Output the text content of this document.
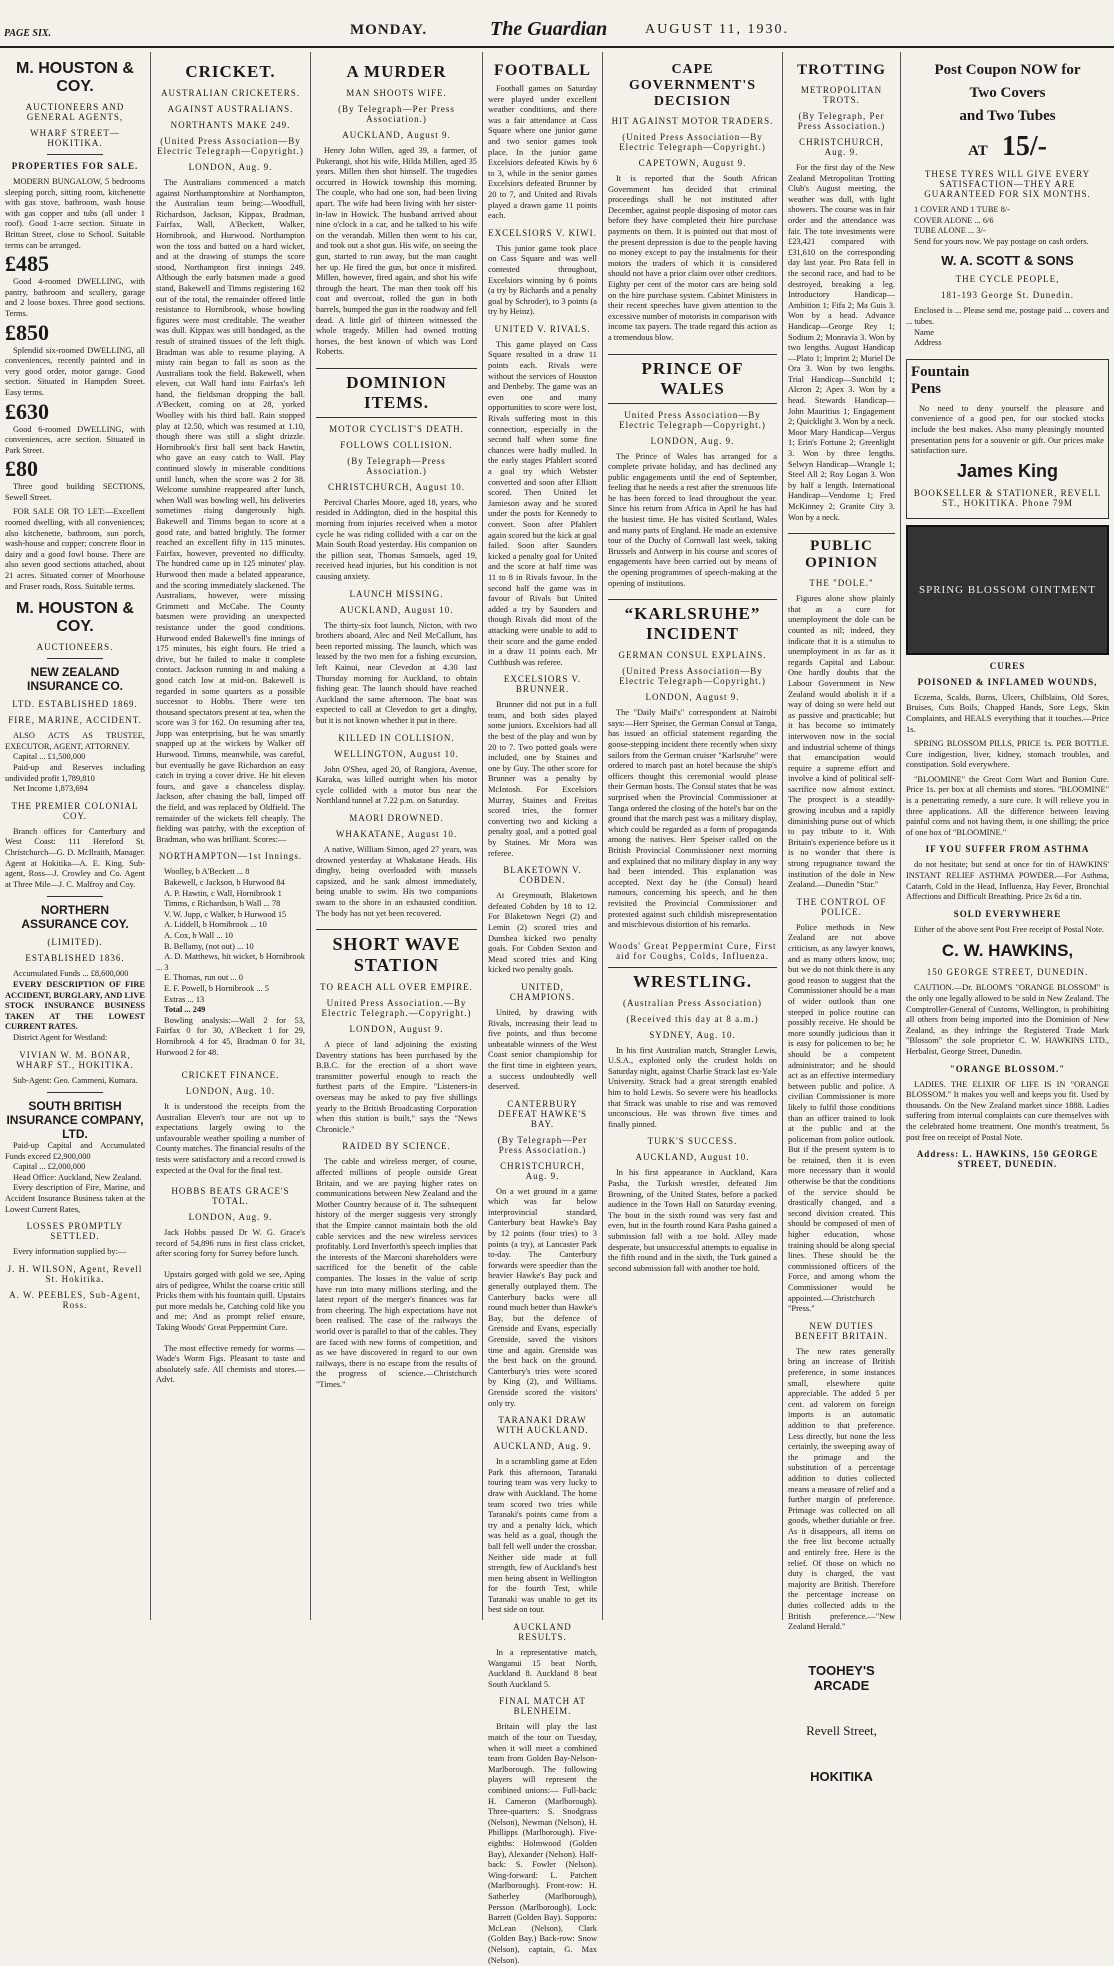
PAGE SIX.	MONDAY.	The Guardian	AUGUST 11, 1930.
M. HOUSTON & COY.
AUCTIONEERS AND GENERAL AGENTS,
WHARF STREET—HOKITIKA.
PROPERTIES FOR SALE.
MODERN BUNGALOW, 5 bedrooms sleeping porch, sitting room, kitchenette with gas stove, bathroom, wash house with gas copper and tubs (all under 1 roof). Good 1-acre section. Situate in Brittan Street, close to School. Suitable terms can be arranged.
£485
Good 4-roomed DWELLING, with pantry, bathroom and scullery, garage and 2 loose boxes. Three good sections. Terms.
£850
Splendid six-roomed DWELLING, all conveniences, recently painted and in very good order, motor garage. Good section. Situated in Hampden Street. Easy terms.
£630
Good 6-roomed DWELLING, with conveniences, acre section. Situated in Park Street.
£80
Three good building SECTIONS, Sewell Street.
FOR SALE OR TO LET:—Excellent roomed dwelling, with all conveniences; also kitchenette, bathroom, sun porch, wash-house and copper; concrete floor in dairy and a good fowl house. There are also seven good sections attached, about 21 acres. Situated corner of Moorhouse and Fraser roads, Ross. Suitable terms.
M. HOUSTON & COY.
AUCTIONEERS.
NEW ZEALAND INSURANCE CO.
LTD. ESTABLISHED 1869.
FIRE, MARINE, ACCIDENT.
ALSO ACTS AS TRUSTEE, EXECUTOR, AGENT, ATTORNEY.
Capital ... £1,500,000
Paid-up and Reserves including undivided profit 1,789,810
Net Income 1,873,694
THE PREMIER COLONIAL COY.
Branch offices for Canterbury and West Coast: 111 Hereford St. Christchurch—G. D. McIlraith, Manager. Agent at Hokitika—A. E. King. Sub-agent, Ross—J. Crowley and Co. Agent at Three Mile—J. C. Malfroy and Coy.
NORTHERN ASSURANCE COY.
(LIMITED).
ESTABLISHED 1836.
Accumulated Funds ... £8,600,000
EVERY DESCRIPTION OF FIRE ACCIDENT, BURGLARY, AND LIVE STOCK INSURANCE BUSINESS TAKEN AT THE LOWEST CURRENT RATES.
District Agent for Westland:
VIVIAN W. M. BONAR, WHARF ST., HOKITIKA.
Sub-Agent: Geo. Cammeni, Kumara.
SOUTH BRITISH INSURANCE COMPANY, LTD.
Paid-up Capital and Accumulated Funds exceed £2,900,000
Capital ... £2,000,000
Head Office: Auckland, New Zealand.
Every description of Fire, Marine, and Accident Insurance Business taken at the Lowest Current Rates,
LOSSES PROMPTLY SETTLED.
Every information supplied by:—
J. H. WILSON, Agent, Revell St. Hokitika.
A. W. PEEBLES, Sub-Agent, Ross.
CRICKET.
AUSTRALIAN CRICKETERS.
AGAINST AUSTRALIANS.
NORTHANTS MAKE 249.
(United Press Association—By Electric Telegraph—Copyright.)
LONDON, Aug. 9.
The Australians commenced a match against Northamptonshire at Northampton, the Australian team being:—Woodfull, Richardson, Jackson, Kippax, Bradman, Fairfax, Wall, A'Beckett, Walker, Hornibrook, and Hurwood. Northampton won the toss and batted on a hard wicket, and at the drawing of stumps the score stood, Northampton first innings 249. Although the early batsmen made a good stand, Bakewell and Timms registering 162 out of the total, the remainder offered little resistance to Hornibrook, whose bowling figures were most creditable. The weather was dull. Kippax was still bandaged, as the result of strained tissues of the left thigh. Bradman was able to resume playing. A misty rain began to fall as soon as the Australians took the field. Bakewell, when eleven, cut Wall hard into Fairfax's left hand, the fieldsman dropping the ball. A'Beckett, coming on at 28, yorked Woolley with his third ball. Rain stopped play at 12.50, which was resumed at 1.10, though there was still a slight drizzle. Hornibrook's first ball sent back Hawtin, who gave an easy catch to Wall. Play continued slowly in miserable conditions until lunch, when the score was 2 for 38. Welcome sunshine reappeared after lunch, when Wall was bowling well, his deliveries sometimes rising dangerously high. Bakewell and Timms began to score at a good rate, and batted brightly. The former reached an excellent fifty in 115 minutes. Fairfax, however, prevented no difficulty. The hundred came up in 125 minutes' play. Hurwood then made a belated appearance, and the scoring immediately slackened. The Australians, however, were missing Grimmett and McCabe. The County batsmen were providing an unexpected resistance under the good conditions. Hurwood ended Bakewell's fine innings of 175 minutes, his eight fours. He tried a drive, but he failed to make it complete contact. Jackson running in and making a good catch low at mid-on. Bakewell is regarded in some quarters as a possible successor to Hobbs. There were ten thousand spectators present at tea, when the score was 3 for 162. On resuming after tea, Jupp was enterprising, but he was smartly snapped up at the wickets by Walker off Hurwood. Timms, meanwhile, was careful, but eventually he gave Richardson an easy catch in trying a cover drive. He hit eleven fours, and gave a chanceless display. Jackson, after chasing the ball, limped off the field, and was replaced by Oldfield. The remainder of the wickets fell cheaply. The fielding was patchy, with the exception of Bradman, who was brilliant. Scores:—
NORTHAMPTON—1st Innings.
Woolley, b A'Beckett ... 8
Bakewell, c Jackson, b Hurwood 84
A. P. Hawtin, c Wall, Hornibrook 1
Timms, c Richardson, b Wall ... 78
V. W. Jupp, c Walker, b Hurwood 15
A. Liddell, b Hornibrook ... 10
A. Cox, b Wall ... 10
B. Bellamy, (not out) ... 10
A. D. Matthews, hit wicket, b Hornibrook ... 3
E. Thomas, run out ... 0
E. F. Powell, b Hornibrook ... 5
Extras ... 13
Total ... 249
Bowling analysis:—Wall 2 for 53, Fairfax 0 for 30, A'Beckett 1 for 29, Hornibrook 4 for 45, Bradman 0 for 31, Hurwood 2 for 48.
CRICKET FINANCE.
LONDON, Aug. 10.
It is understood the receipts from the Australian Eleven's tour are not up to expectations largely owing to the unfavourable weather spoiling a number of County matches. The financial results of the tests were satisfactory and a record crowd is expected at the Oval for the final test.
HOBBS BEATS GRACE'S TOTAL.
LONDON, Aug. 9.
Jack Hobbs passed Dr W. G. Grace's record of 54,896 runs in first class cricket, after scoring forty for Surrey before lunch.
Upstairs gorged with gold we see, Aping airs of pedigree, Whilst the coarse critic still Pricks them with his fountain quill. Upstairs put more medals be, Catching cold like you and me; And as prompt relief ensure, Taking Woods' Great Peppermint Cure.
The most effective remedy for worms —Wade's Worm Figs. Pleasant to taste and absolutely safe. All chemists and stores.—Advt.
A MURDER
MAN SHOOTS WIFE.
(By Telegraph—Per Press Association.)
AUCKLAND, August 9.
Henry John Willen, aged 39, a farmer, of Pukerangi, shot his wife, Hilda Millen, aged 35 years. Millen then shot himself. The tragedies occurred in Howick township this morning. The couple, who had one son, had been living apart. The wife had been living with her sister-in-law in Howick. The husband arrived about nine o'clock in a car, and he talked to his wife on the verandah. Millen then went to his car, and took out a shot gun. His wife, on seeing the gun, started to run away, but the man caught her up. He fired the gun, but once it misfired. Millen, however, fired again, and shot his wife through the heart. The man then took off his coat and overcoat, rolled the gun in both barrels, bumped the gun in the roadway and fell dead. A little girl of thirteen witnessed the whole tragedy. Millen had owned trotting horses, the best known of which was Lord Roberts.
DOMINION ITEMS.
MOTOR CYCLIST'S DEATH.
FOLLOWS COLLISION.
(By Telegraph—Press Association.)
CHRISTCHURCH, August 10.
Percival Charles Moore, aged 18, years, who resided in Addington, died in the hospital this morning from injuries received when a motor cycle he was riding collided with a car on the Main South Road yesterday. His companion on the pillion seat, Thomas Samuels, aged 19, received head injuries, but his condition is not causing anxiety.
LAUNCH MISSING.
AUCKLAND, August 10.
The thirty-six foot launch, Nicton, with two brothers aboard, Alec and Neil McCallum, has been reported missing. The launch, which was leased by the two men for a fishing excursion, left Kainui, near Clevedon at 4.30 last Thursday morning for Auckland, to obtain fishing gear. The launch should have reached Auckland the same afternoon. The boat was expected to call at Clevedon to get a dinghy, but it is not known whether it put in there.
KILLED IN COLLISION.
WELLINGTON, August 10.
John O'Shea, aged 20, of Rangiora, Avenue, Karaka, was killed outright when his motor cycle collided with a motor bus near the Northland tunnel at 7.22 p.m. on Saturday.
MAORI DROWNED.
WHAKATANE, August 10.
A native, William Simon, aged 27 years, was drowned yesterday at Whakatane Heads. His dinghy, being overloaded with mussels capsized, and he sank almost immediately, being unable to swim. His two companions swam to the shore in an exhausted condition. The body has not yet been recovered.
SHORT WAVE STATION
TO REACH ALL OVER EMPIRE.
United Press Association.—By Electric Telegraph.—Copyright.)
LONDON, August 9.
A piece of land adjoining the existing Daventry stations has been purchased by the B.B.C. for the erection of a short wave transmitter powerful enough to reach the furthest parts of the Empire. "Listeners-in overseas may be asked to pay five shillings yearly to the British Broadcasting Corporation when this station is built," says the "News Chronicle."
RAIDED BY SCIENCE.
The cable and wireless merger, of course, affected millions of people outside Great Britain, and we are paying higher rates on communications between New Zealand and the Mother Country because of it. The subsequent history of the merger suggests very strongly that the Empire cannot maintain both the old cable services and the new wireless services profitably. Lord Inverforth's speech implies that the interests of the Marconi shareholders were sacrificed for the benefit of the cable companies. The losses in the value of scrip have run into many millions sterling, and the latest report of the merger's finances was far from cheering. The high expectations have not been realised. The case of the railways the world over is parallel to that of the cables. They are faced with new forms of competition, and as we have discovered in regard to our own railways, there is no escape from the results of the progress of science.—Christchurch "Times."
FOOTBALL
Football games on Saturday were played under excellent weather conditions, and there was a fair attendance at Cass Square where one junior game and two senior games took place. In the junior game Excelsiors defeated Kiwis by 6 to 3, while in the senior games Excelsiors defeated Brunner by 20 to 7, and United and Rivals played a drawn game 11 points each.
EXCELSIORS V. KIWI.
This junior game took place on Cass Square and was well contested throughout, Excelsiors winning by 6 points (a try by Richards and a penalty goal by Schroder), to 3 points (a try by Heinz).
UNITED V. RIVALS.
This game played on Cass Square resulted in a draw 11 points each. Rivals were without the services of Houston and Denbeby. The game was an even one and many opportunities to score were lost, Rivals suffering most in this connection, especially in the second half when some fine chances were badly mulled. In the early stages Pfahlert scored a goal try which Webster converted and soon after Elliott scored. Then United let Jamieson away and he scored under the posts for Kennedy to convert. Soon after Pfahlert again scored but the kick at goal failed. Soon after Saunders kicked a penalty goal for United and the score at half time was 11 to 8 in Rivals favour. In the second half the game was in favour of Rivals but United added a try by Saunders and though Rivals did most of the attacking were unable to add to their score and the game ended in a draw 11 points each. Mr Cuthbush was referee.
EXCELSIORS V. BRUNNER.
Brunner did not put in a full team, and both sides played some juniors. Excelsiors had all the best of the play and won by 20 to 7. Two potted goals were included, one by Staines and one by Guy. The other score for Brunner was a penalty by McIntosh. For Excelsiors Murray, Staines and Freitas scored tries, the former converting two and kicking a penalty goal, and a potted goal by Staines. Mr Mora was referee.
BLAKETOWN V. COBDEN.
At Greymouth, Blaketown defeated Cobden by 18 to 12. For Blaketown Negri (2) and Lemin (2) scored tries and Dunshea kicked two penalty goals. For Cobden Sexton and Mead scored tries and King kicked two penalty goals.
UNITED, CHAMPIONS.
United, by drawing with Rivals, increasing their lead to five points, and thus become unbeatable winners of the West Coast senior championship for the first time in eighteen years, a success undoubtedly well deserved.
CANTERBURY DEFEAT HAWKE'S BAY.
(By Telegraph—Per Press Association.)
CHRISTCHURCH, Aug. 9.
On a wet ground in a game which was far below interprovincial standard, Canterbury beat Hawke's Bay by 12 points (four tries) to 3 points (a try), at Lancaster Park to-day. The Canterbury forwards were speedier than the heavier Hawke's Bay pack and generally outplayed them. The Canterbury backs were all round much better than Hawke's Bay, but the defence of Grenside and Evans, especially Grenside, saved the visitors time and again. Grenside was the best back on the ground. Canterbury's tries were scored by King (2), and Williams. Grenside scored the visitors' only try.
TARANAKI DRAW WITH AUCKLAND.
AUCKLAND, Aug. 9.
In a scrambling game at Eden Park this afternoon, Taranaki touring team was very lucky to draw with Auckland. The home team scored two tries while Taranaki's points came from a try and a penalty kick, which was held as a goal, though the ball fell well under the crossbar. Neither side made at full strength, few of Auckland's best men being absent in Wellington for the fourth Test, while Taranaki was unable to get its best side on tour.
AUCKLAND RESULTS.
In a representative match, Wanganui 15 beat North, Auckland 8. Auckland 8 beat South Auckland 5.
FINAL MATCH AT BLENHEIM.
Britain will play the last match of the tour on Tuesday, when it will meet a combined team from Golden Bay-Nelson-Marlborough. The following players will represent the combined unions:— Full-back: H. Cameron (Marlborough). Three-quarters: S. Snodgrass (Nelson), Newman (Nelson), H. Phillipps (Marlborough). Five-eighths: Holmwood (Golden Bay), Alexander (Nelson). Half-back: S. Fowler (Nelson). Wing-forward: L. Patchett (Marlborough). Front-row: H. Satherley (Marlborough), Persson (Marlborough). Lock: Barrett (Golden Bay). Supports: McLean (Nelson), Clark (Golden Bay.) Back-row: Snow (Nelson), captain, G. Max (Nelson).
CAPE GOVERNMENT'S DECISION
HIT AGAINST MOTOR TRADERS.
(United Press Association—By Electric Telegraph—Copyright.)
CAPETOWN, August 9.
It is reported that the South African Government has decided that criminal proceedings shall be not instituted after December, against people disposing of motor cars before they have completed their hire purchase payments on them. It is pointed out that most of the present depression is due to the people having no money except to pay the instalments for their motors the traders of which it is considered should not have a prior claim over other creditors. Eighty per cent of the motor cars are being sold on the hire purchase system. Cabinet Ministers in their recent speeches have given attention to the excessive number of motorists in comparison with income tax payers. The trade regard this action as a tremendous blow.
PRINCE OF WALES
United Press Association—By Electric Telegraph—Copyright.)
LONDON, Aug. 9.
The Prince of Wales has arranged for a complete private holiday, and has declined any public engagements until the end of September, feeling that he needs a rest after the strenuous life he has been forced to lead throughout the year. Since his return from Africa in April he has had the busiest time. He has visited Scotland, Wales and many parts of England. He made an extensive tour of the Duchy of Cornwall last week, taking Brussels and Antwerp in his course and scores of engagements have been carried out by means of the opening programmes of speech-making at the opening of institutions.
“KARLSRUHE” INCIDENT
GERMAN CONSUL EXPLAINS.
(United Press Association—By Electric Telegraph—Copyright.)
LONDON, August 9.
The "Daily Mail's" correspondent at Nairobi says:—Herr Speiser, the German Consul at Tanga, has issued an official statement regarding the goose-stepping incident there recently when sixty sailors from the German cruiser "Karlsruhe" were ordered to march past an hotel because the ship's officers thought this ceremonial would please their German hosts. The Consul states that he was surprised when the Provincial Commissioner at Tanga ordered the closing of the hotel's bar on the ground that the march past was a military display, which could be regarded as a form of propaganda among the natives. Herr Speiser called on the British Provincial Commissioner next morning and explained that no military display in any way had been intended. This explanation was accepted. Next day he (the Consul) heard rumours, concerning his speech, and he then revisited the Provincial Commissioner and protested against such childish misrepresentation and mischievous distortion of his remarks.
Woods' Great Peppermint Cure, First aid for Coughs, Colds, Influenza.
WRESTLING.
(Australian Press Association)
(Received this day at 8 a.m.)
SYDNEY, Aug. 10.
In his first Australian match, Strangler Lewis, U.S.A., exploited only the crudest holds on Saturday night, against Charlie Strack last ex-Yale University. Strack had a great strength enabled him to hold Lewis. So severe were his headlocks that Strack was unable to rise and was removed unconscious. He was thrown five times and finally pinned.
TURK'S SUCCESS.
AUCKLAND, August 10.
In his first appearance in Auckland, Kara Pasha, the Turkish wrestler, defeated Jim Browning, of the United States, before a packed audience in the Town Hall on Saturday evening. The bout in the sixth round was very fast and even, but in the fourth round Kara Pasha gained a submission fall with a toe hold. Alley made desperate, but unsuccessful attempts to equalise in the fifth round and in the sixth, the Turk gained a second submission fall with another toe hold.
TROTTING
METROPOLITAN TROTS.
(By Telegraph, Per Press Association.)
CHRISTCHURCH, Aug. 9.
For the first day of the New Zealand Metropolitan Trotting Club's August meeting, the weather was dull, with light showers. The course was in fair order and the attendance was fair. The tote investments were £23,421 compared with £31,610 on the corresponding day last year. Pro Rata fell in the second race, and had to be destroyed, breaking a leg. Introductory Handicap—Ambition 1; Fifa 2; Ma Guis 3. Won by a head. Advance Handicap—George Rey 1; Sodium 2; Monravia 3. Won by two lengths. August Handicap—Plato 1; Imprint 2; Muriel De Ora 3. Won by two lengths. Trial Handicap—Sunchild 1; Alcron 2; Apex 3. Won by a head. Stewards Handicap—John Mauritius 1; Engagement 2; Quicklight 3. Won by a neck. Moor Mary Handicap—Vergus 1; Erin's Fortune 2; Greenlight 3. Won by three lengths. Selwyn Handicap—Wrangle 1; Steel All 2; Roy Logan 3. Won by half a length. International Handicap—Vendome 1; Fred McKinney 2; Granite City 3. Won by a neck.
PUBLIC OPINION
THE "DOLE."
Figures alone show plainly that as a cure for unemployment the dole can be counted as nil; indeed, they indicate that it is a stimulus to unemployment in as far as it regards Capital and Labour. One hardly doubts that the Labour Government in New Zealand would abolish it if a way of doing so were held out as passive and practicable; but it has become so intimately interwoven now in the social and industrial scheme of things that emancipation would require a supreme effort and involve a kind of political self-sacrifice now almost extinct. The prospect is a steadily-growing incubus and a rapidly diminishing purse out of which to pay tribute to it. With Britain's experience before us it is no wonder that there is strong repugnance toward the institution of the dole in New Zealand.—Dunedin "Star."
THE CONTROL OF POLICE.
Police methods in New Zealand are not above criticism, as any lawyer knows, and as many others know, too; but we do not think there is any good reason to suggest that the Commissioner should be a man of wider outlook than one steeped in police routine can possibly receive. He should be more soundly judicious than it is easy for policemen to be; he should be a competent administrator; and he should act as an effective intermediary between public and police. A civilian Commissioner is more likely to fulfil those conditions than an officer trained to look at the public and at the policeman from police outlook. But if the present system is to be retained, then it is even more necessary than it would otherwise be that the conditions of the service should be drastically changed, and a second division created. This should be composed of men of higher education, whose training should be along special lines. These should be the commissioned officers of the Force, and among whom the Commissioner would be appointed.—Christchurch "Press."
NEW DUTIES BENEFIT BRITAIN.
The new rates generally bring an increase of British preference, in some instances small, elsewhere quite appreciable. The added 5 per cent. ad valorem on foreign imports is an automatic addition to that preference. Less directly, but none the less certainly, the sweeping away of the primage and the substitution of a percentage addition to duties collected means a measure of relief and a further margin of preference. Primage was collected on all goods, whether dutiable or free. As it disappears, all items on the free list become actually and entirely free. Here is the relief. Of those on which no duty is charged, the vast majority are British. Therefore the percentage increase on duties collected adds to the British preference.—"New Zealand Herald."
TOOHEY'S ARCADE
Revell Street,
HOKITIKA
Post Coupon NOW for
Two Covers
and Two Tubes
AT 15/-
THESE TYRES WILL GIVE EVERY SATISFACTION—THEY ARE GUARANTEED FOR SIX MONTHS.
1 COVER AND 1 TUBE 8/-
COVER ALONE ... 6/6
TUBE ALONE ... 3/-
Send for yours now. We pay postage on cash orders.
W. A. SCOTT & SONS
THE CYCLE PEOPLE,
181-193 George St. Dunedin.
Enclosed is ... Please send me, postage paid ... covers and ... tubes.
Name
Address
Fountain
Pens
No need to deny yourself the pleasure and convenience of a good pen, for our stocked stocks include the best makes. Also many pleasingly mounted presentation pens for a souvenir or gift. Our prices make satisfaction sure.
James King
BOOKSELLER & STATIONER, REVELL ST., HOKITIKA. Phone 79M
SPRING BLOSSOM OINTMENT
CURES
POISONED & INFLAMED WOUNDS,
Eczema, Scalds, Burns, Ulcers, Chilblains, Old Sores, Bruises, Cuts Boils, Chapped Hands, Sore Legs, Skin Complaints, and HEALS everything that it touches.—Price 1s.
SPRING BLOSSOM PILLS, PRICE 1s. PER BOTTLE. Cure indigestion, liver, kidney, stomach troubles, and constipation. Sold everywhere.
"BLOOMINE" the Great Corn Wart and Bunion Cure. Price 1s. per box at all chemists and stores. "BLOOMINE" is a penetrating remedy, a sure cure. It will relieve you in three applications. All the difference between leaving painful corns and not having them, is one shilling; the price of one box of "BLOOMINE."
IF YOU SUFFER FROM ASTHMA
do not hesitate; but send at once for tin of HAWKINS' INSTANT RELIEF ASTHMA POWDER.—For Asthma, Catarrh, Cold in the Head, Influenza, Hay Fever, Bronchial Affections and Difficult Breathing. Price 2s 6d a tin.
SOLD EVERYWHERE
Either of the above sent Post Free receipt of Postal Note.
C. W. HAWKINS,
150 GEORGE STREET, DUNEDIN.
CAUTION.—Dr. BLOOM'S "ORANGE BLOSSOM" is the only one legally allowed to be sold in New Zealand. The Comptroller-General of Customs, Wellington, is prohibiting all others from being imported into the Dominion of New Zealand, as they infringe the Registered Trade Mark "Blossom" the sole proprietor C. W. HAWKINS LTD., Herbalist, George Street, Dunedin.
"ORANGE BLOSSOM."
LADIES. THE ELIXIR OF LIFE IS IN "ORANGE BLOSSOM." It makes you well and keeps you fit. Used by thousands. On the New Zealand market since 1888. Ladies suffering from internal complaints can cure themselves with the celebrated home treatment. One month's treatment, 5s post free on receipt of Postal Note.
Address: L. HAWKINS, 150 GEORGE STREET, DUNEDIN.
